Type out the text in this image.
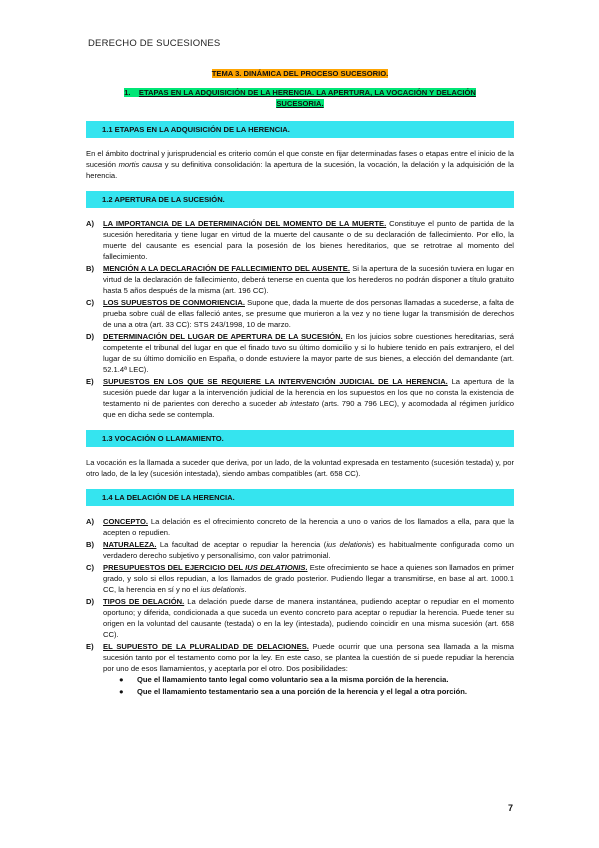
DERECHO DE SUCESIONES
TEMA 3. DINÁMICA DEL PROCESO SUCESORIO.
1. ETAPAS EN LA ADQUISICIÓN DE LA HERENCIA. LA APERTURA, LA VOCACIÓN Y DELACIÓN SUCESORIA.
1.1 ETAPAS EN LA ADQUISICIÓN DE LA HERENCIA.

En el ámbito doctrinal y jurisprudencial es criterio común el que conste en fijar determinadas fases o etapas entre el inicio de la sucesión mortis causa y su definitiva consolidación: la apertura de la sucesión, la vocación, la delación y la adquisición de la herencia.

1.2 APERTURA DE LA SUCESIÓN.
A) LA IMPORTANCIA DE LA DETERMINACIÓN DEL MOMENTO DE LA MUERTE. Constituye el punto de partida de la sucesión hereditaria y tiene lugar en virtud de la muerte del causante o de su declaración de fallecimiento. Por ello, la muerte del causante es esencial para la posesión de los bienes hereditarios, que se retrotrae al momento del fallecimiento.
B) MENCIÓN A LA DECLARACIÓN DE FALLECIMIENTO DEL AUSENTE. Si la apertura de la sucesión tuviera en lugar en virtud de la declaración de fallecimiento, deberá tenerse en cuenta que los herederos no podrán disponer a título gratuito hasta 5 años después de la misma (art. 196 CC).
C) LOS SUPUESTOS DE CONMORIENCIA. Supone que, dada la muerte de dos personas llamadas a sucederse, a falta de prueba sobre cuál de ellas falleció antes, se presume que murieron a la vez y no tiene lugar la transmisión de derechos de una a otra (art. 33 CC): STS 243/1998, 10 de marzo.
D) DETERMINACIÓN DEL LUGAR DE APERTURA DE LA SUCESIÓN. En los juicios sobre cuestiones hereditarias, será competente el tribunal del lugar en que el finado tuvo su último domicilio y si lo hubiere tenido en país extranjero, el del lugar de su último domicilio en España, o donde estuviere la mayor parte de sus bienes, a elección del demandante (art. 52.1.4ª LEC).
E) SUPUESTOS EN LOS QUE SE REQUIERE LA INTERVENCIÓN JUDICIAL DE LA HERENCIA. La apertura de la sucesión puede dar lugar a la intervención judicial de la herencia en los supuestos en los que no consta la existencia de testamento ni de parientes con derecho a suceder ab intestato (arts. 790 a 796 LEC), y acomodada al régimen jurídico que en dicha sede se contempla.
1.3 VOCACIÓN O LLAMAMIENTO.

La vocación es la llamada a suceder que deriva, por un lado, de la voluntad expresada en testamento (sucesión testada) y, por otro lado, de la ley (sucesión intestada), siendo ambas compatibles (art. 658 CC).

1.4 LA DELACIÓN DE LA HERENCIA.
A) CONCEPTO. La delación es el ofrecimiento concreto de la herencia a uno o varios de los llamados a ella, para que la acepten o repudien.
B) NATURALEZA. La facultad de aceptar o repudiar la herencia (ius delationis) es habitualmente configurada como un verdadero derecho subjetivo y personalísimo, con valor patrimonial.
C) PRESUPUESTOS DEL EJERCICIO DEL IUS DELATIONIS. Este ofrecimiento se hace a quienes son llamados en primer grado, y solo si ellos repudian, a los llamados de grado posterior. Pudiendo llegar a transmitirse, en base al art. 1000.1 CC, la herencia en sí y no el ius delationis.
D) TIPOS DE DELACIÓN. La delación puede darse de manera instantánea, pudiendo aceptar o repudiar en el momento oportuno; y diferida, condicionada a que suceda un evento concreto para aceptar o repudiar la herencia. Puede tener su origen en la voluntad del causante (testada) o en la ley (intestada), pudiendo coincidir en una misma sucesión (art. 658 CC).
E) EL SUPUESTO DE LA PLURALIDAD DE DELACIONES. Puede ocurrir que una persona sea llamada a la misma sucesión tanto por el testamento como por la ley. En este caso, se plantea la cuestión de si puede repudiar la herencia por uno de esos llamamientos, y aceptarla por el otro. Dos posibilidades:
● Que el llamamiento tanto legal como voluntario sea a la misma porción de la herencia.
● Que el llamamiento testamentario sea a una porción de la herencia y el legal a otra porción.
7
